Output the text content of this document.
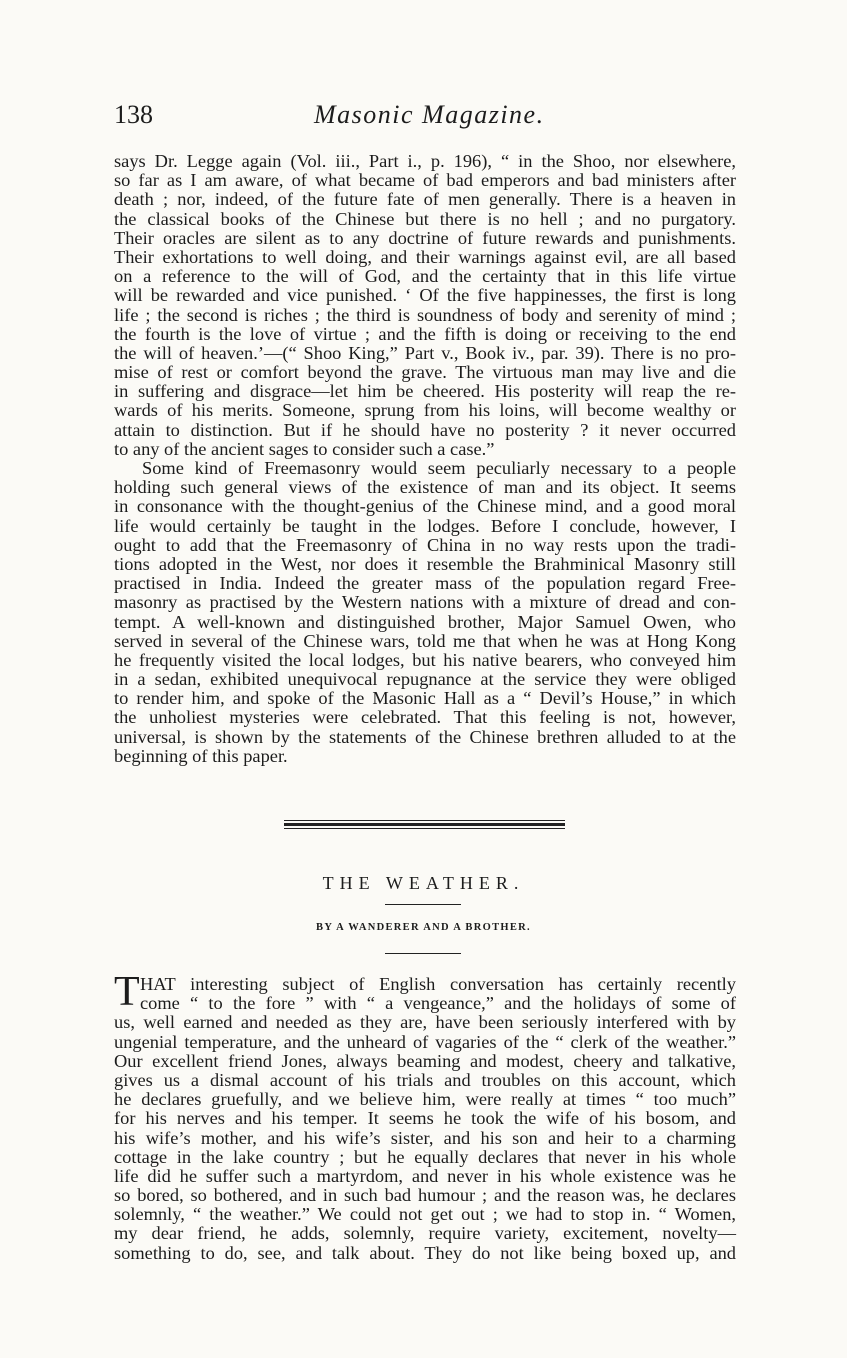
138	Masonic Magazine.
says Dr. Legge again (Vol. iii., Part i., p. 196), “ in the Shoo, nor elsewhere,
so far as I am aware, of what became of bad emperors and bad ministers after
death ; nor, indeed, of the future fate of men generally. There is a heaven in
the classical books of the Chinese but there is no hell ; and no purgatory.
Their oracles are silent as to any doctrine of future rewards and punishments.
Their exhortations to well doing, and their warnings against evil, are all based
on a reference to the will of God, and the certainty that in this life virtue
will be rewarded and vice punished. ‘ Of the five happinesses, the first is long
life ; the second is riches ; the third is soundness of body and serenity of mind ;
the fourth is the love of virtue ; and the fifth is doing or receiving to the end
the will of heaven.’—(“ Shoo King,” Part v., Book iv., par. 39). There is no pro-
mise of rest or comfort beyond the grave. The virtuous man may live and die
in suffering and disgrace—let him be cheered. His posterity will reap the re-
wards of his merits. Someone, sprung from his loins, will become wealthy or
attain to distinction. But if he should have no posterity ? it never occurred
to any of the ancient sages to consider such a case.”
Some kind of Freemasonry would seem peculiarly necessary to a people
holding such general views of the existence of man and its object. It seems
in consonance with the thought-genius of the Chinese mind, and a good moral
life would certainly be taught in the lodges. Before I conclude, however, I
ought to add that the Freemasonry of China in no way rests upon the tradi-
tions adopted in the West, nor does it resemble the Brahminical Masonry still
practised in India. Indeed the greater mass of the population regard Free-
masonry as practised by the Western nations with a mixture of dread and con-
tempt. A well-known and distinguished brother, Major Samuel Owen, who
served in several of the Chinese wars, told me that when he was at Hong Kong
he frequently visited the local lodges, but his native bearers, who conveyed him
in a sedan, exhibited unequivocal repugnance at the service they were obliged
to render him, and spoke of the Masonic Hall as a “ Devil’s House,” in which
the unholiest mysteries were celebrated. That this feeling is not, however,
universal, is shown by the statements of the Chinese brethren alluded to at the
beginning of this paper.
THE WEATHER.
BY A WANDERER AND A BROTHER.
T HAT interesting subject of English conversation has certainly recently
come “ to the fore ” with “ a vengeance,” and the holidays of some of
us, well earned and needed as they are, have been seriously interfered with by
ungenial temperature, and the unheard of vagaries of the “ clerk of the weather.”
Our excellent friend Jones, always beaming and modest, cheery and talkative,
gives us a dismal account of his trials and troubles on this account, which
he declares gruefully, and we believe him, were really at times “ too much”
for his nerves and his temper. It seems he took the wife of his bosom, and
his wife’s mother, and his wife’s sister, and his son and heir to a charming
cottage in the lake country ; but he equally declares that never in his whole
life did he suffer such a martyrdom, and never in his whole existence was he
so bored, so bothered, and in such bad humour ; and the reason was, he declares
solemnly, “ the weather.” We could not get out ; we had to stop in. “ Women,
my dear friend, he adds, solemnly, require variety, excitement, novelty—
something to do, see, and talk about. They do not like being boxed up, and
